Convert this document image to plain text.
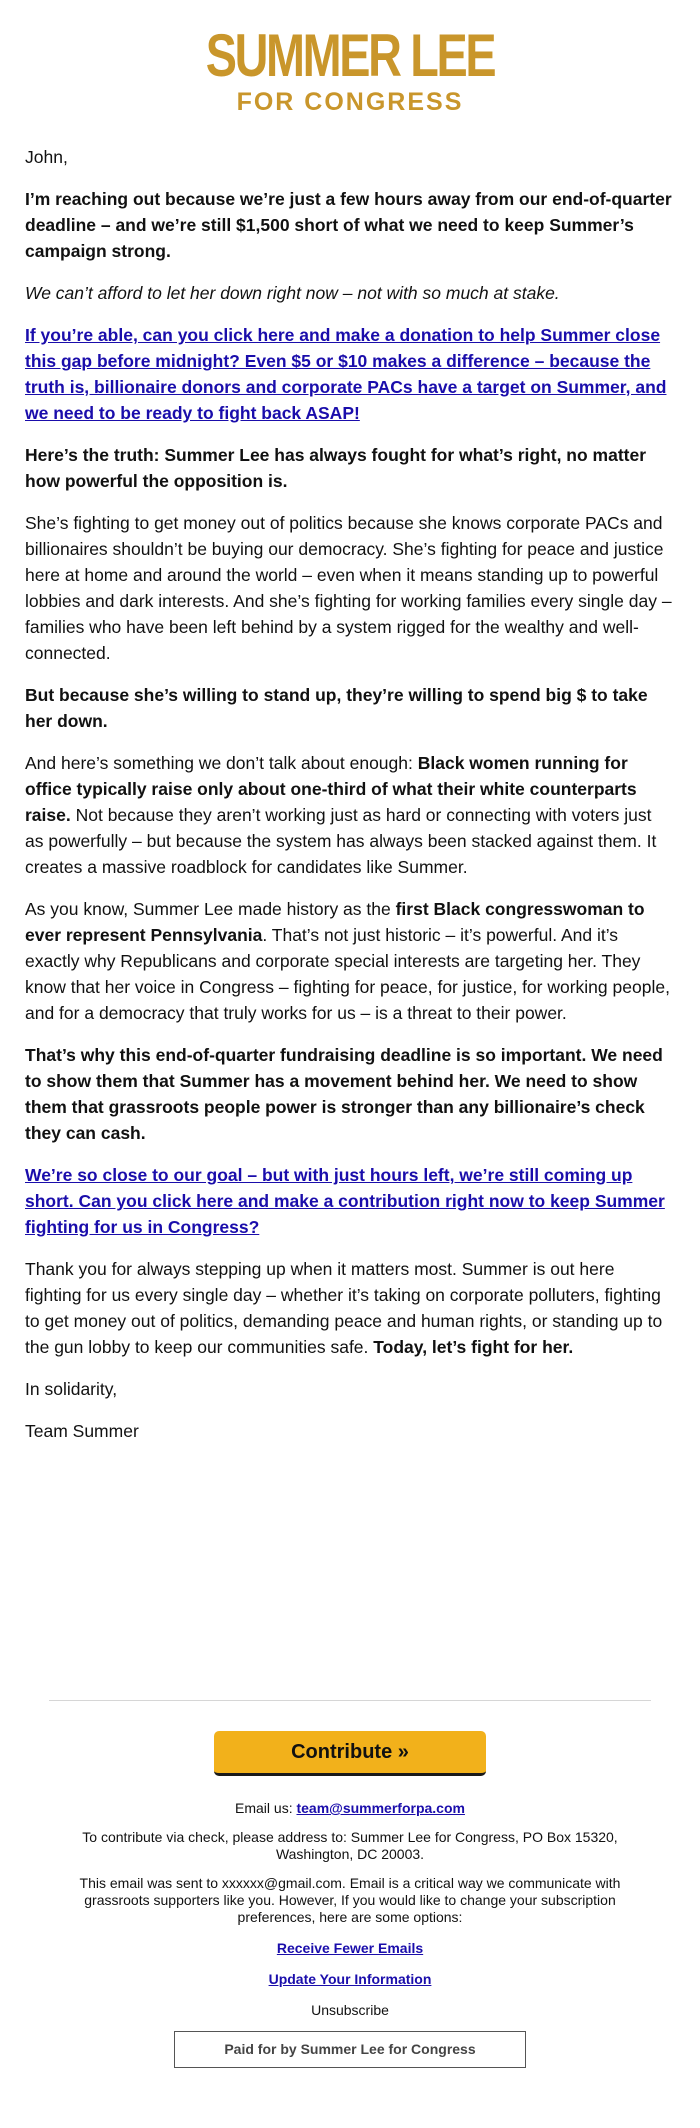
SUMMER LEE
FOR CONGRESS

John,

I’m reaching out because we’re just a few hours away from our end-of-quarter deadline – and we’re still $1,500 short of what we need to keep Summer’s campaign strong.

We can’t afford to let her down right now – not with so much at stake.

If you’re able, can you click here and make a donation to help Summer close this gap before midnight? Even $5 or $10 makes a difference – because the truth is, billionaire donors and corporate PACs have a target on Summer, and we need to be ready to fight back ASAP!

Here’s the truth: Summer Lee has always fought for what’s right, no matter how powerful the opposition is.

She’s fighting to get money out of politics because she knows corporate PACs and billionaires shouldn’t be buying our democracy. She’s fighting for peace and justice here at home and around the world – even when it means standing up to powerful lobbies and dark interests. And she’s fighting for working families every single day – families who have been left behind by a system rigged for the wealthy and well-connected.

But because she’s willing to stand up, they’re willing to spend big $ to take her down.

And here’s something we don’t talk about enough: Black women running for office typically raise only about one-third of what their white counterparts raise. Not because they aren’t working just as hard or connecting with voters just as powerfully – but because the system has always been stacked against them. It creates a massive roadblock for candidates like Summer.

As you know, Summer Lee made history as the first Black congresswoman to ever represent Pennsylvania. That’s not just historic – it’s powerful. And it’s exactly why Republicans and corporate special interests are targeting her. They know that her voice in Congress – fighting for peace, for justice, for working people, and for a democracy that truly works for us – is a threat to their power.

That’s why this end-of-quarter fundraising deadline is so important. We need to show them that Summer has a movement behind her. We need to show them that grassroots people power is stronger than any billionaire’s check they can cash.

We’re so close to our goal – but with just hours left, we’re still coming up short. Can you click here and make a contribution right now to keep Summer fighting for us in Congress?

Thank you for always stepping up when it matters most. Summer is out here fighting for us every single day – whether it’s taking on corporate polluters, fighting to get money out of politics, demanding peace and human rights, or standing up to the gun lobby to keep our communities safe. Today, let’s fight for her.

In solidarity,

Team Summer

Contribute »
Email us: team@summerforpa.com
To contribute via check, please address to: Summer Lee for Congress, PO Box 15320, Washington, DC 20003.
This email was sent to xxxxxx@gmail.com. Email is a critical way we communicate with grassroots supporters like you. However, If you would like to change your subscription preferences, here are some options:
Receive Fewer Emails
Update Your Information
Unsubscribe
Paid for by Summer Lee for Congress
